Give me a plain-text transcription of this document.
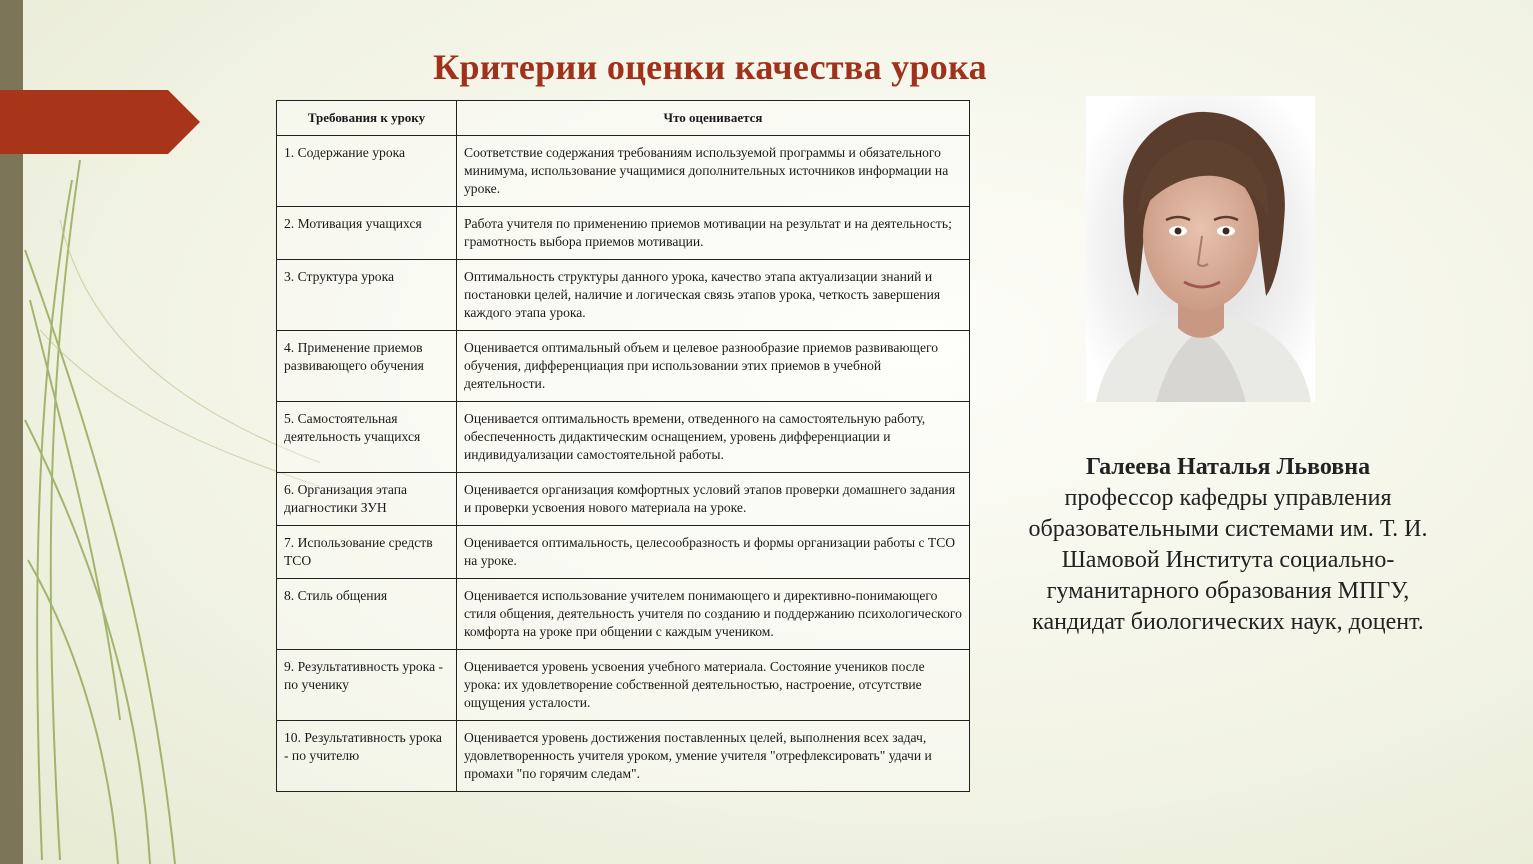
Критерии оценки качества урока
Требования к уроку	Что оценивается
1. Содержание урока	Соответствие содержания требованиям используемой программы и обязательного минимума, использование учащимися дополнительных источников информации на уроке.
2. Мотивация учащихся	Работа учителя по применению приемов мотивации на результат и на деятельность; грамотность выбора приемов мотивации.
3. Структура урока	Оптимальность структуры данного урока, качество этапа актуализации знаний и постановки целей, наличие и логическая связь этапов урока, четкость завершения каждого этапа урока.
4. Применение приемов развивающего обучения	Оценивается оптимальный объем и целевое разнообразие приемов развивающего обучения, дифференциация при использовании этих приемов в учебной деятельности.
5. Самостоятельная деятельность учащихся	Оценивается оптимальность времени, отведенного на самостоятельную работу, обеспеченность дидактическим оснащением, уровень дифференциации и индивидуализации самостоятельной работы.
6. Организация этапа диагностики ЗУН	Оценивается организация комфортных условий этапов проверки домашнего задания и проверки усвоения нового материала на уроке.
7. Использование средств ТСО	Оценивается оптимальность, целесообразность и формы организации работы с ТСО на уроке.
8. Стиль общения	Оценивается использование учителем понимающего и директивно-понимающего стиля общения, деятельность учителя по созданию и поддержанию психологического комфорта на уроке при общении с каждым учеником.
9. Результативность урока - по ученику	Оценивается уровень усвоения учебного материала. Состояние учеников после урока: их удовлетворение собственной деятельностью, настроение, отсутствие ощущения усталости.
10. Результативность урока - по учителю	Оценивается уровень достижения поставленных целей, выполнения всех задач, удовлетворенность учителя уроком, умение учителя "отрефлексировать" удачи и промахи "по горячим следам".
Галеева Наталья Львовна
профессор кафедры управления образовательными системами им. Т. И. Шамовой Института социально-гуманитарного образования МПГУ, кандидат биологических наук, доцент.
